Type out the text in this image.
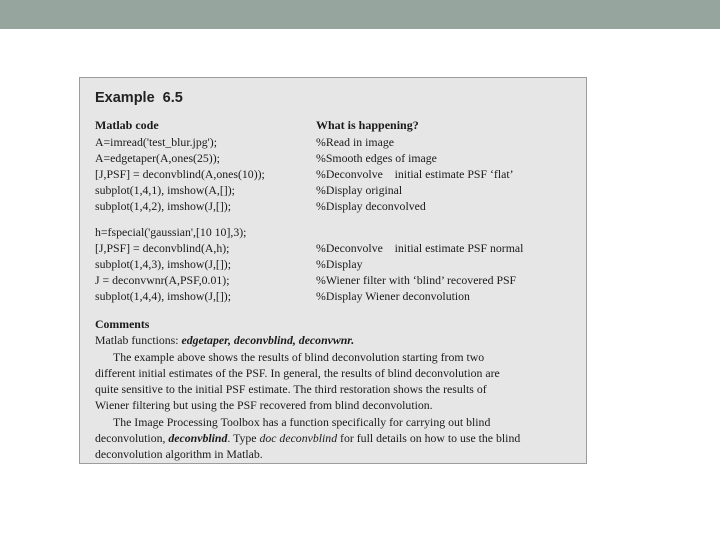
Example 6.5
Matlab code	What is happening?
A=imread('test_blur.jpg');	%Read in image
A=edgetaper(A,ones(25));	%Smooth edges of image
[J,PSF] = deconvblind(A,ones(10));	%Deconvolve    initial estimate PSF ‘flat’
subplot(1,4,1), imshow(A,[]);	%Display original
subplot(1,4,2), imshow(J,[]);	%Display deconvolved
h=fspecial('gaussian',[10 10],3);
[J,PSF] = deconvblind(A,h);	%Deconvolve    initial estimate PSF normal
subplot(1,4,3), imshow(J,[]);	%Display
J = deconvwnr(A,PSF,0.01);	%Wiener filter with ‘blind’ recovered PSF
subplot(1,4,4), imshow(J,[]);	%Display Wiener deconvolution
Comments
Matlab functions: edgetaper, deconvblind, deconvwnr.
The example above shows the results of blind deconvolution starting from two
different initial estimates of the PSF. In general, the results of blind deconvolution are
quite sensitive to the initial PSF estimate. The third restoration shows the results of
Wiener filtering but using the PSF recovered from blind deconvolution.
The Image Processing Toolbox has a function specifically for carrying out blind
deconvolution, deconvblind. Type doc deconvblind for full details on how to use the blind
deconvolution algorithm in Matlab.
